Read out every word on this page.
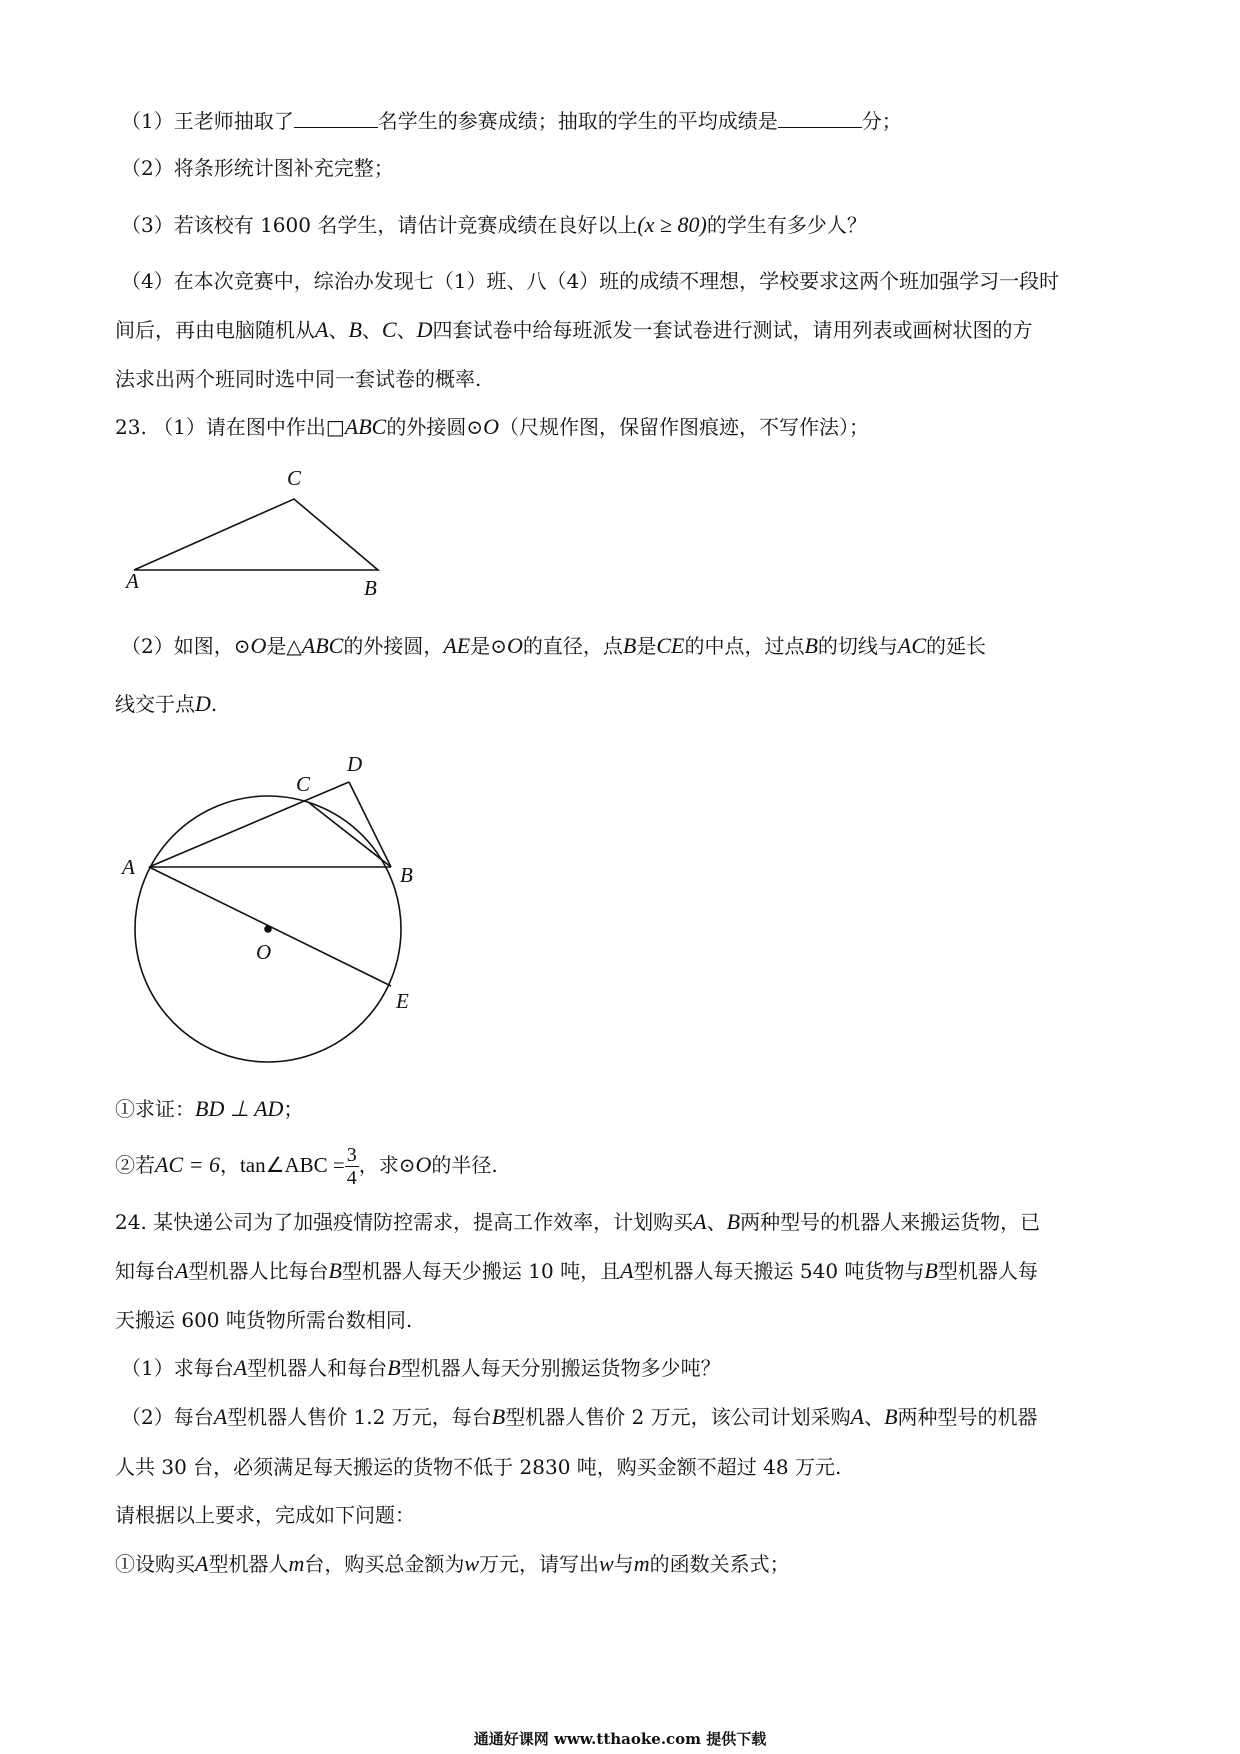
（1）王老师抽取了	名学生的参赛成绩；抽取的学生的平均成绩是	分；
（2）将条形统计图补充完整；
（3）若该校有 1600 名学生，请估计竞赛成绩在良好以上(x ≥ 80)的学生有多少人？
（4）在本次竞赛中，综治办发现七（1）班、八（4）班的成绩不理想，学校要求这两个班加强学习一段时
间后，再由电脑随机从A、B、C、D四套试卷中给每班派发一套试卷进行测试，请用列表或画树状图的方
法求出两个班同时选中同一套试卷的概率.
23. （1）请在图中作出□ABC的外接圆⊙O（尺规作图，保留作图痕迹，不写作法）；
C
A	B
（2）如图，⊙O是△ABC的外接圆，AE是⊙O的直径，点B是CE的中点，过点B的切线与AC的延长
线交于点D.
D
C
A	B
O
E
①求证：BD ⊥ AD；
②若AC = 6，tan∠ABC = $\frac{3}{4}$ ，求⊙O的半径.
24. 某快递公司为了加强疫情防控需求，提高工作效率，计划购买A、B两种型号的机器人来搬运货物，已
知每台A型机器人比每台B型机器人每天少搬运 10 吨，且A型机器人每天搬运 540 吨货物与B型机器人每
天搬运 600 吨货物所需台数相同.
（1）求每台A型机器人和每台B型机器人每天分别搬运货物多少吨？
（2）每台A型机器人售价 1.2 万元，每台B型机器人售价 2 万元，该公司计划采购A、B两种型号的机器
人共 30 台，必须满足每天搬运的货物不低于 2830 吨，购买金额不超过 48 万元.
请根据以上要求，完成如下问题：
①设购买A型机器人m台，购买总金额为w万元，请写出w与m的函数关系式；
通通好课网 www.tthaoke.com 提供下载
